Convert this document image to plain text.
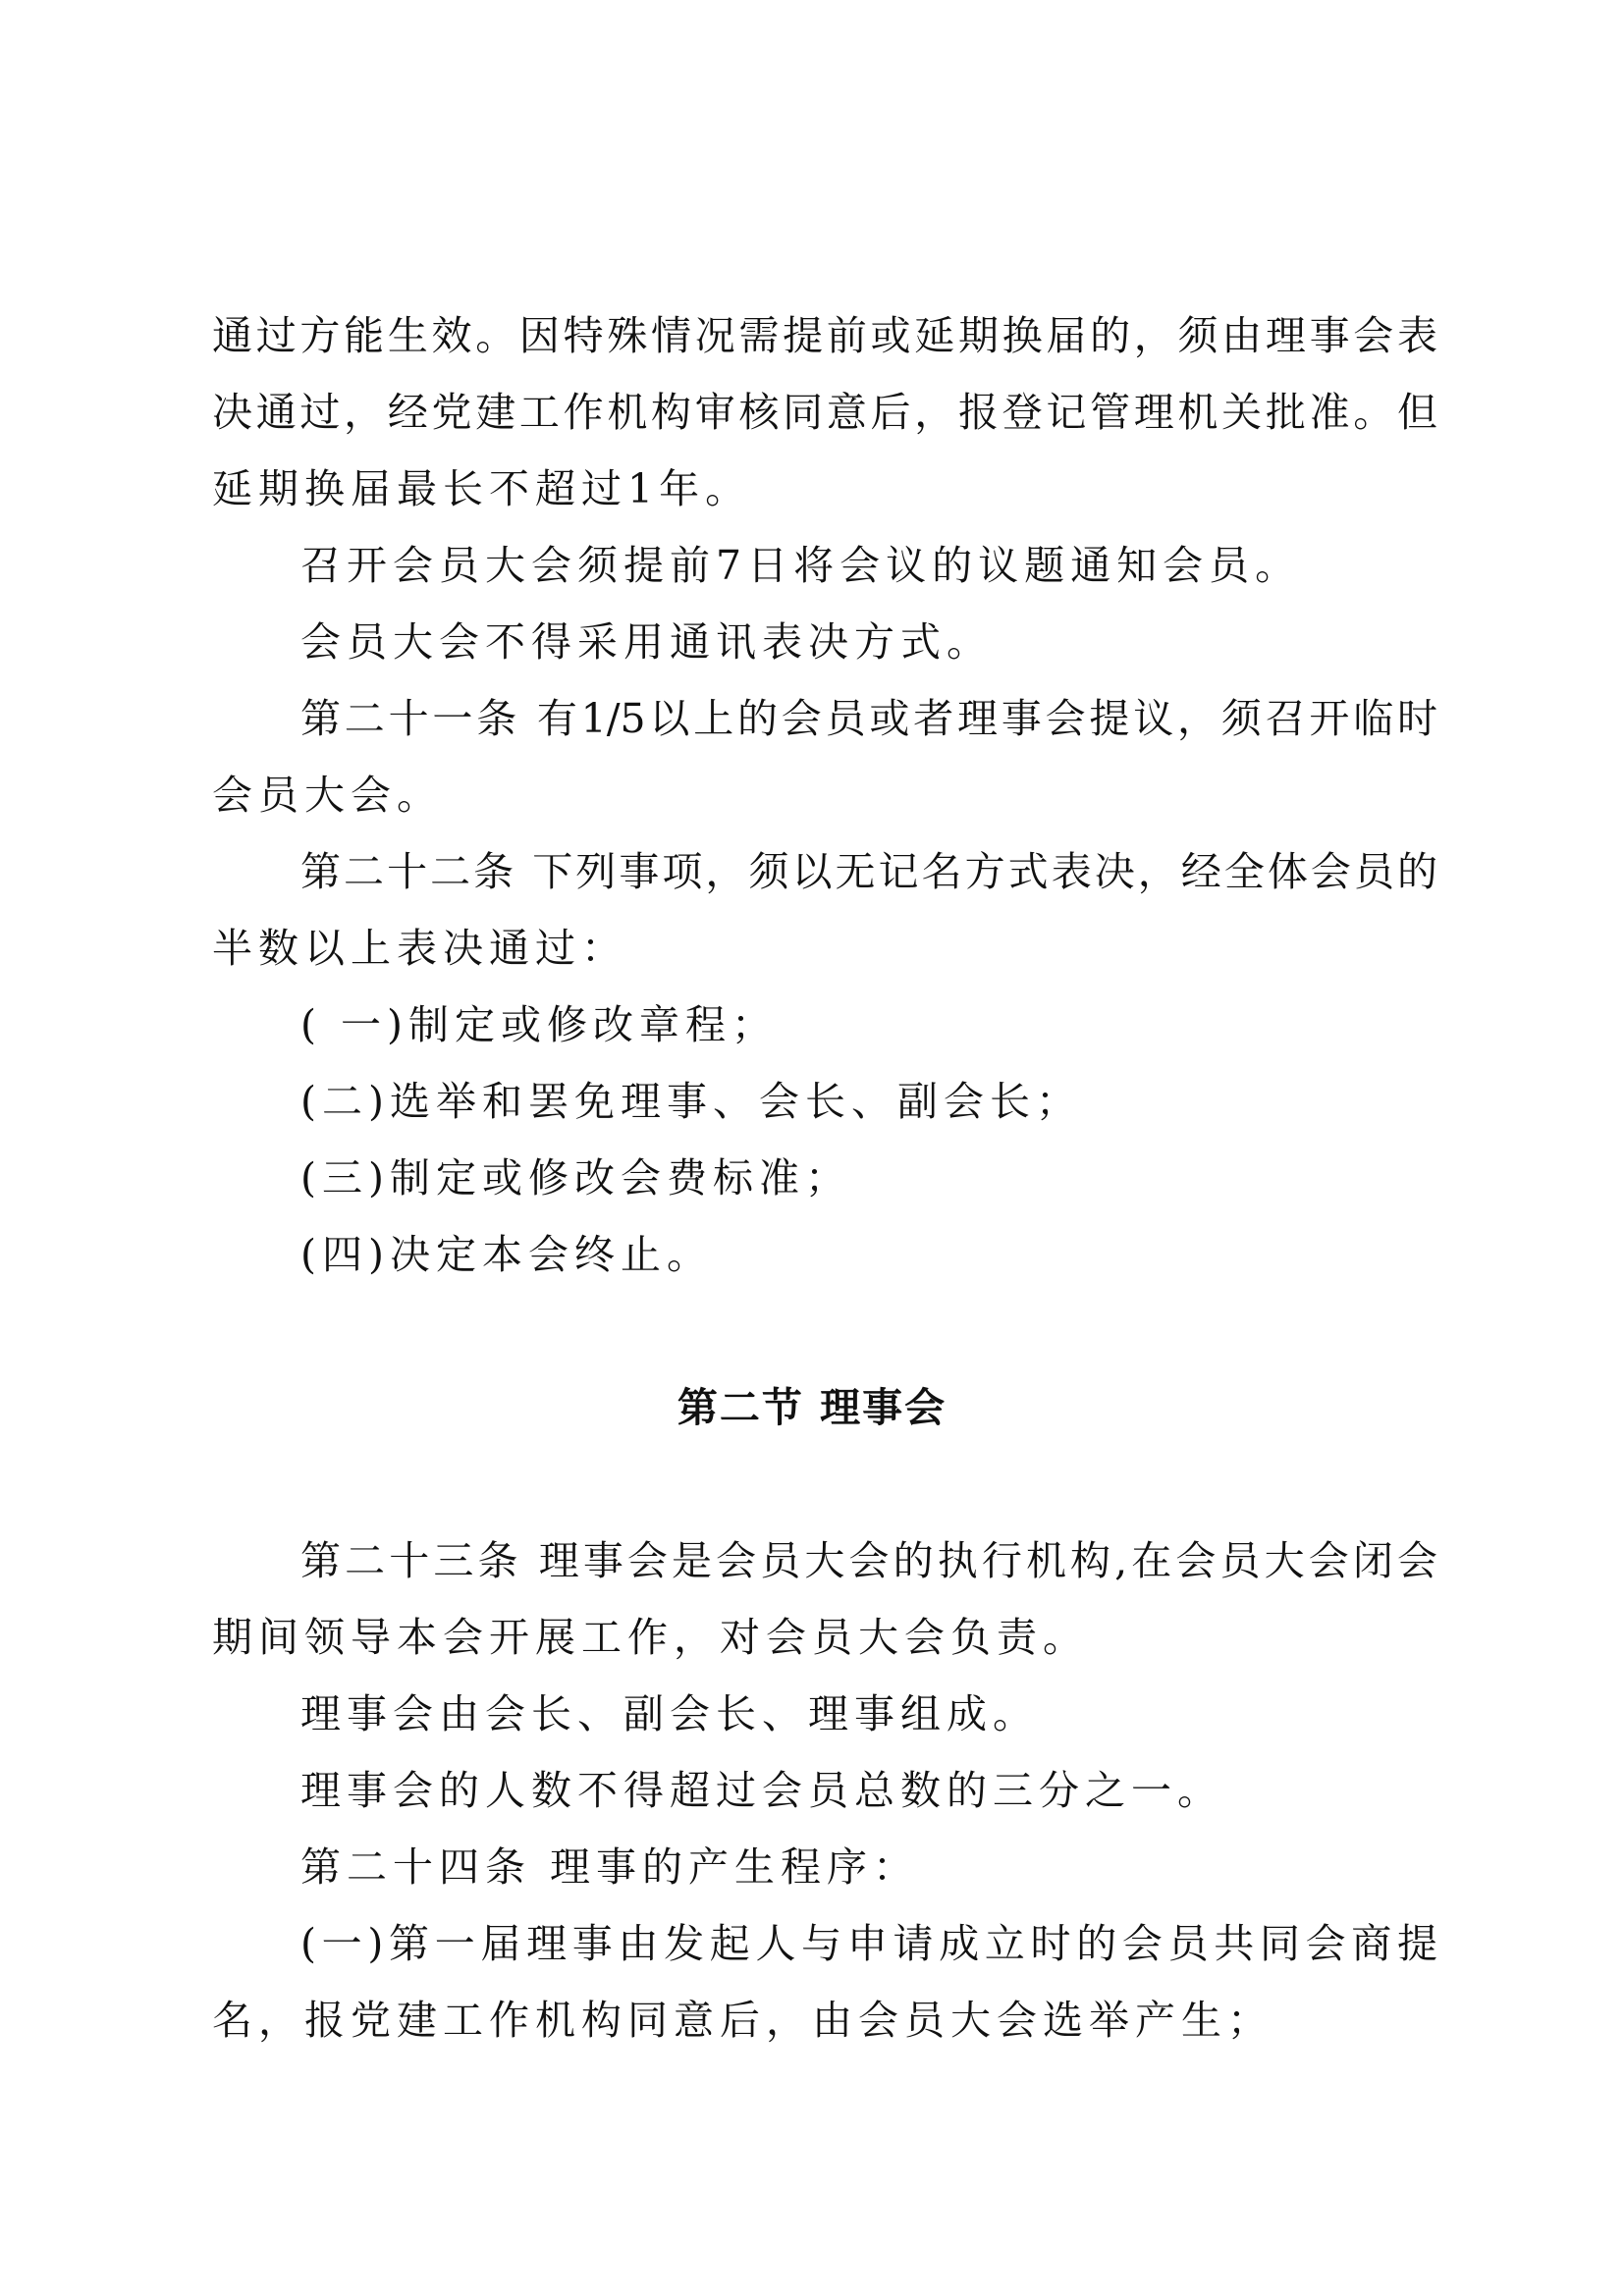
通过方能生效。因特殊情况需提前或延期换届的，须由理事会表
决通过，经党建工作机构审核同意后，报登记管理机关批准。但
延期换届最长不超过1年。
召开会员大会须提前7日将会议的议题通知会员。
会员大会不得采用通讯表决方式。
第二十一条 有1/5以上的会员或者理事会提议，须召开临时
会员大会。
第二十二条 下列事项，须以无记名方式表决，经全体会员的
半数以上表决通过：
( 一)制定或修改章程；
(二)选举和罢免理事、会长、副会长；
(三)制定或修改会费标准；
(四)决定本会终止。
第二节 理事会
第二十三条 理事会是会员大会的执行机构,在会员大会闭会
期间领导本会开展工作，对会员大会负责。
理事会由会长、副会长、理事组成。
理事会的人数不得超过会员总数的三分之一。
第二十四条 理事的产生程序：
(一)第一届理事由发起人与申请成立时的会员共同会商提
名，报党建工作机构同意后，由会员大会选举产生；
